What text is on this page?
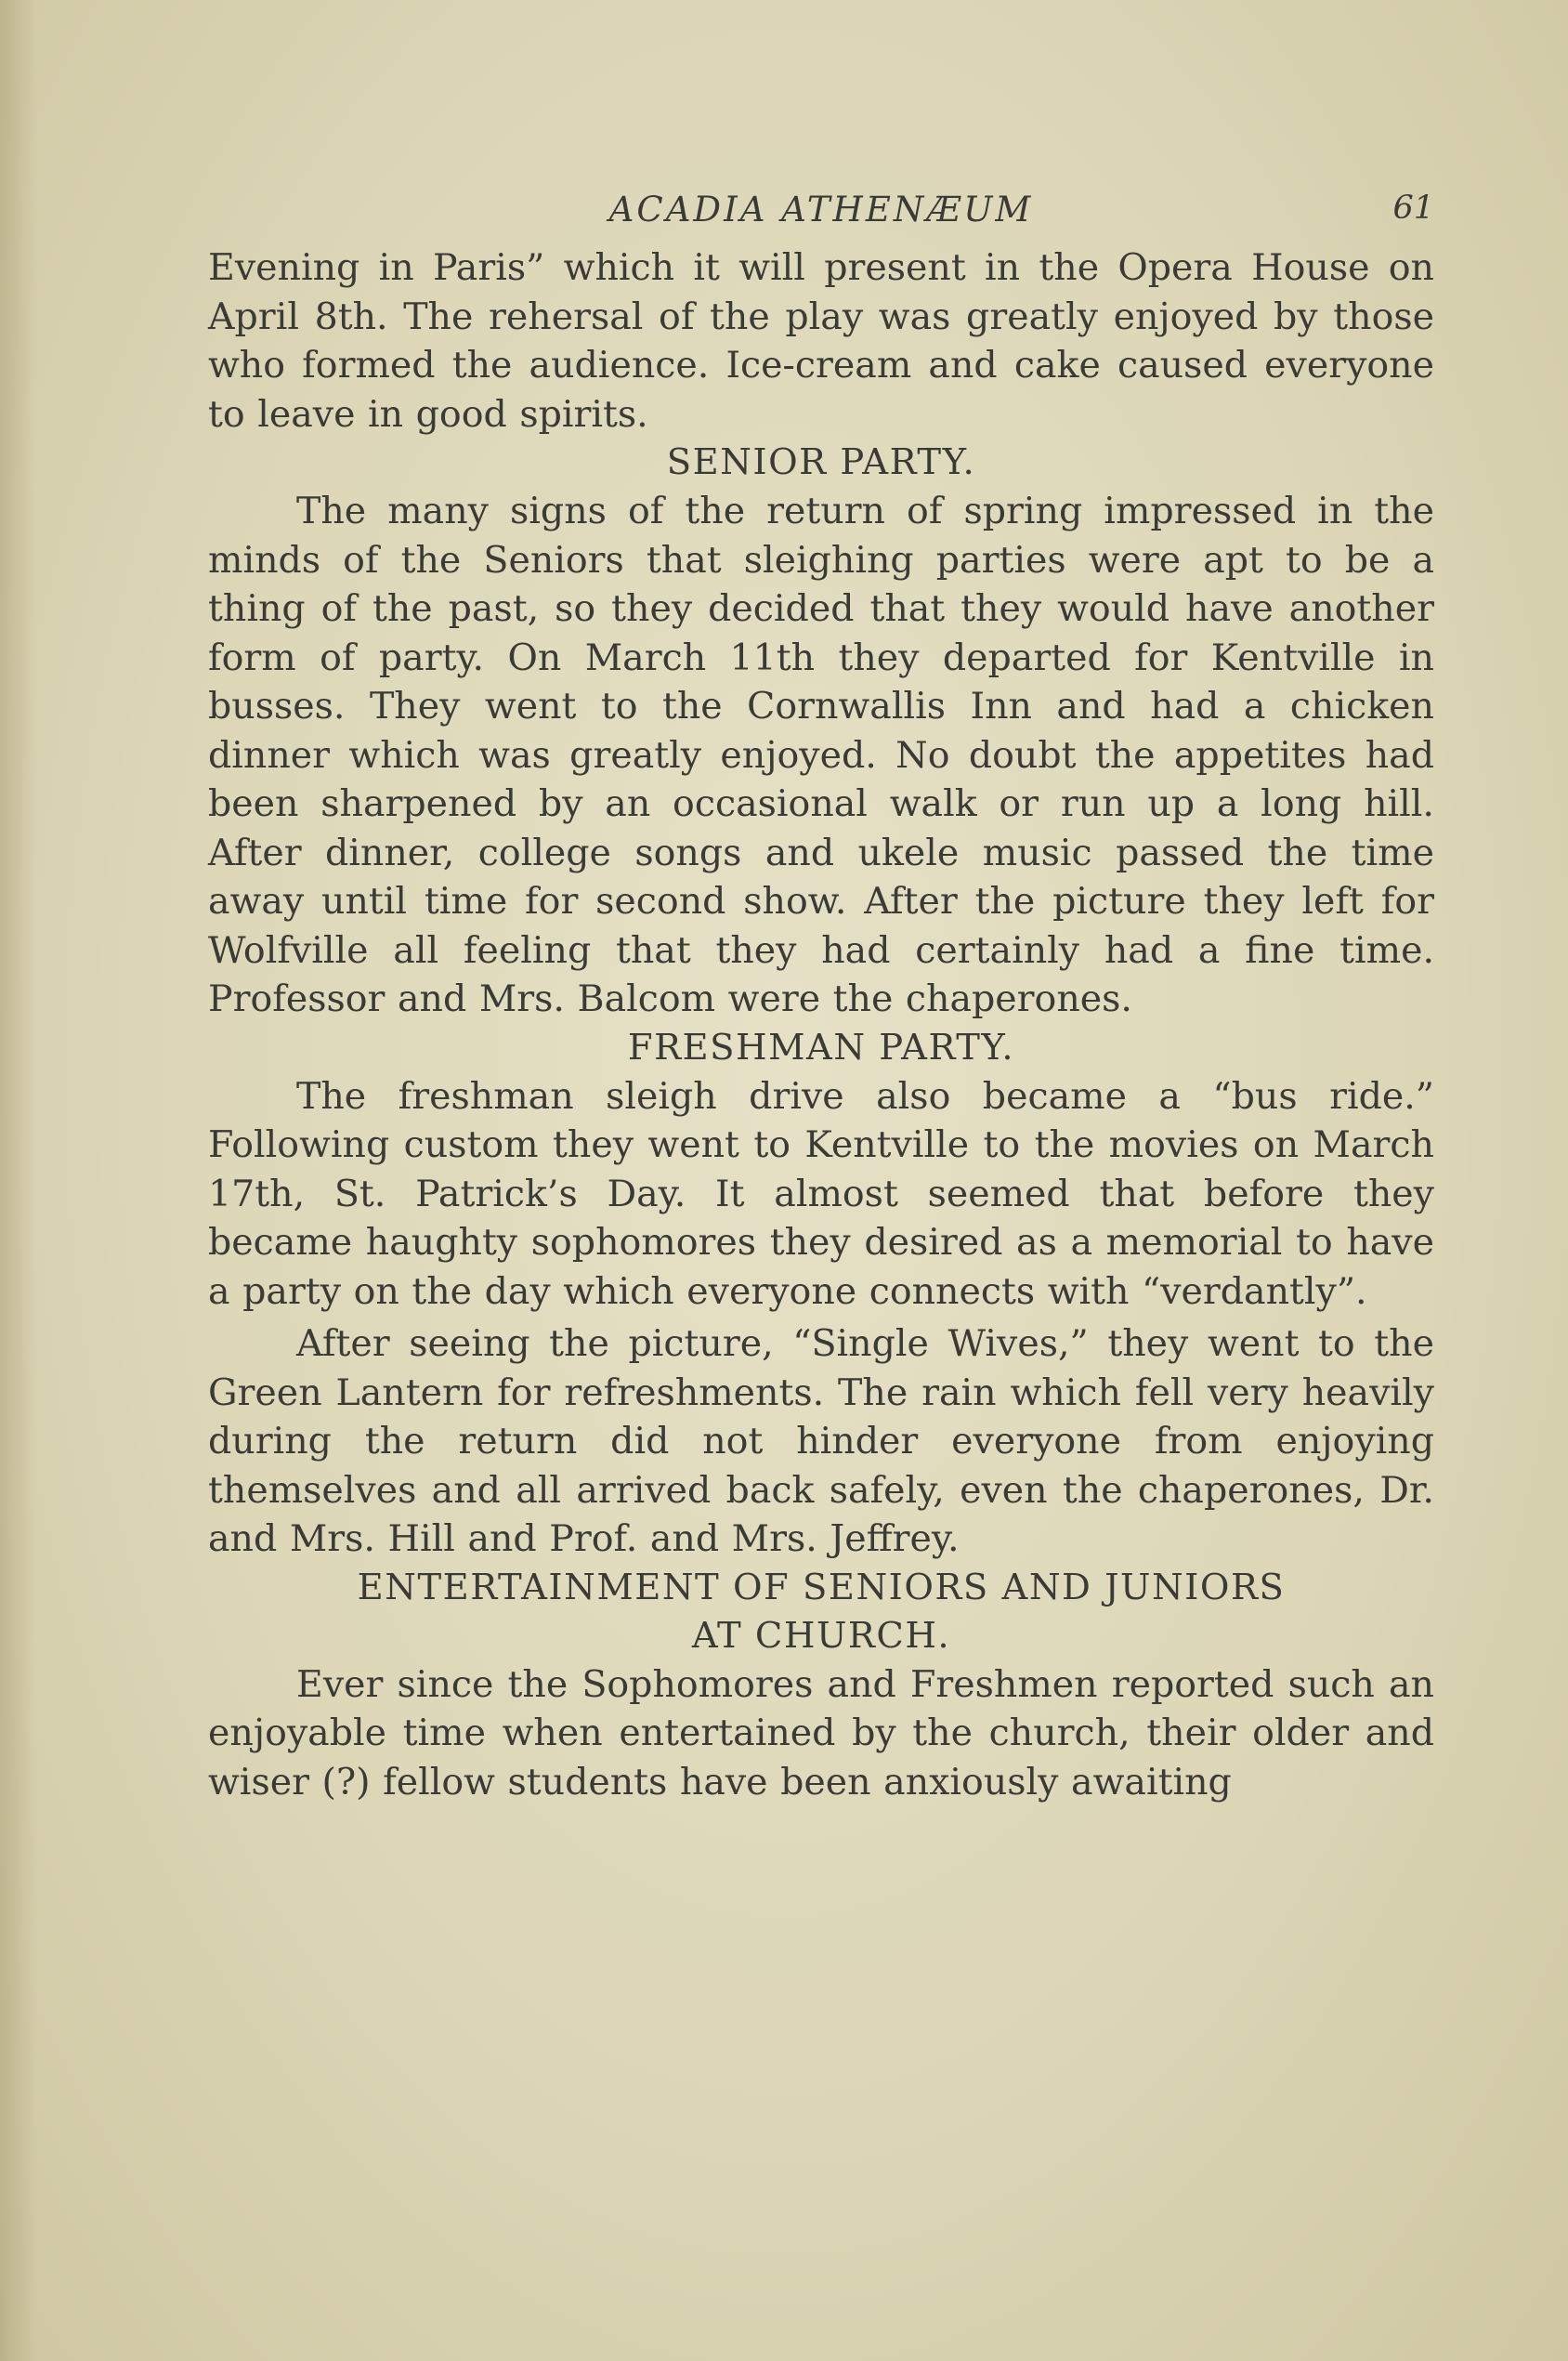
ACADIA ATHENÆUM	61

Evening in Paris” which it will present in the Opera House on April 8th. The rehersal of the play was greatly enjoyed by those who formed the audience. Ice-cream and cake caused everyone to leave in good spirits.

SENIOR PARTY.

The many signs of the return of spring impressed in the minds of the Seniors that sleighing parties were apt to be a thing of the past, so they decided that they would have another form of party. On March 11th they departed for Kentville in busses. They went to the Cornwallis Inn and had a chicken dinner which was greatly enjoyed. No doubt the appetites had been sharpened by an occasional walk or run up a long hill. After dinner, college songs and ukele music passed the time away until time for second show. After the picture they left for Wolfville all feeling that they had certainly had a fine time. Professor and Mrs. Balcom were the chaperones.

FRESHMAN PARTY.

The freshman sleigh drive also became a “bus ride.” Following custom they went to Kentville to the movies on March 17th, St. Patrick’s Day. It almost seemed that before they became haughty sophomores they desired as a memorial to have a party on the day which everyone connects with “verdantly”.

After seeing the picture, “Single Wives,” they went to the Green Lantern for refreshments. The rain which fell very heavily during the return did not hinder everyone from enjoying themselves and all arrived back safely, even the chaperones, Dr. and Mrs. Hill and Prof. and Mrs. Jeffrey.

ENTERTAINMENT OF SENIORS AND JUNIORS
AT CHURCH.

Ever since the Sophomores and Freshmen reported such an enjoyable time when entertained by the church, their older and wiser (?) fellow students have been anxiously awaiting
